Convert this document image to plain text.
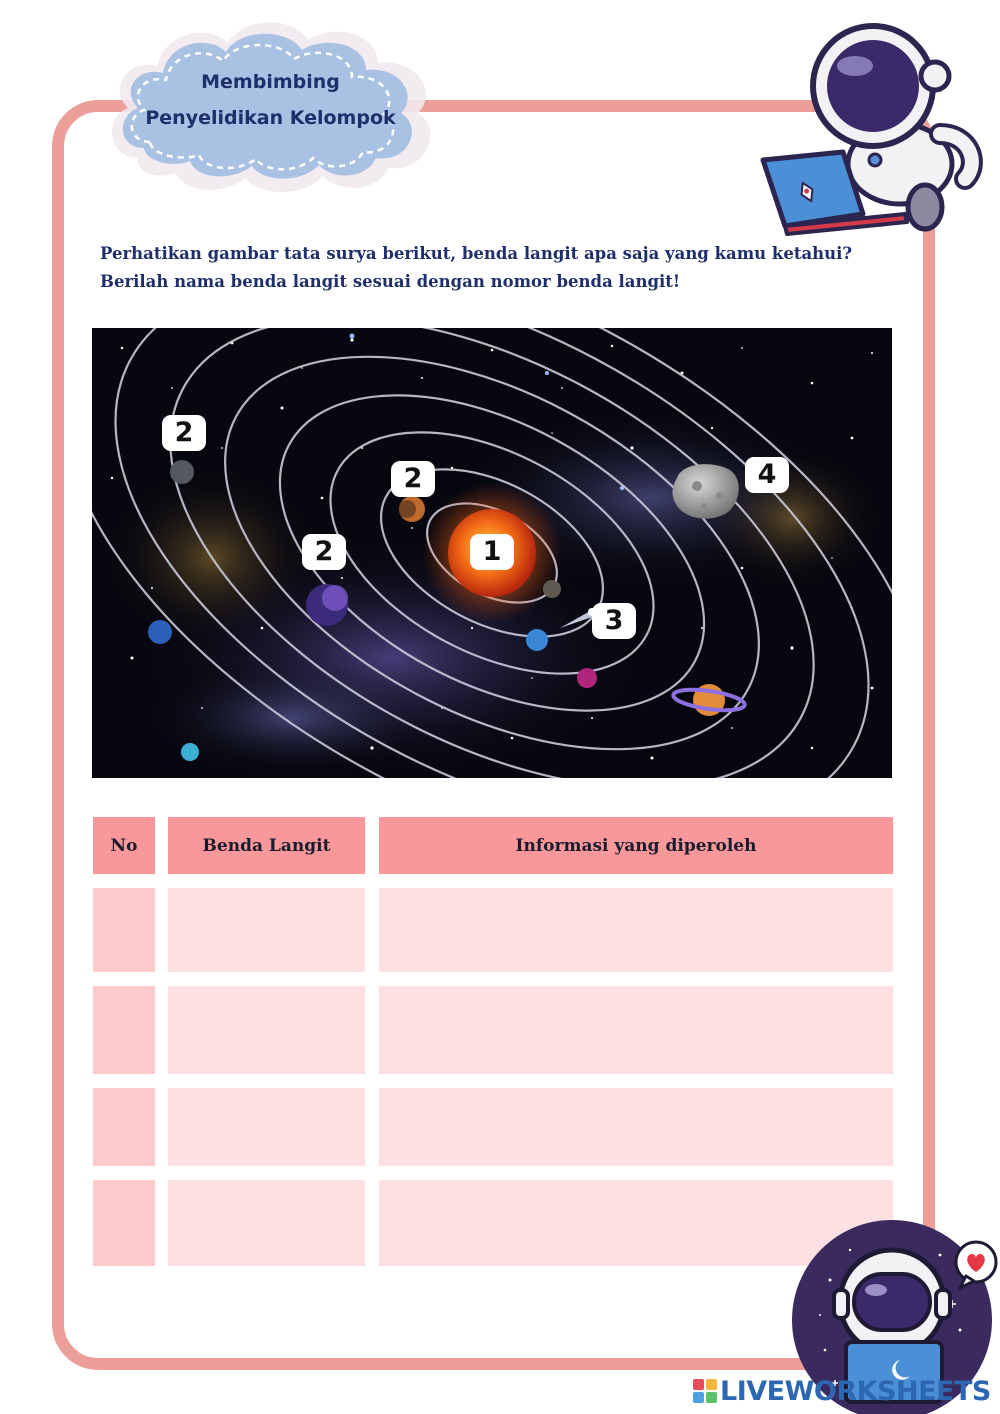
Membimbing
Penyelidikan Kelompok
Perhatikan gambar tata surya berikut, benda langit apa saja yang kamu ketahui? Berilah nama benda langit sesuai dengan nomor benda langit!
2
2
2	1
3
4
No	Benda Langit	Informasi yang diperoleh
LIVEWORKSHEETS
